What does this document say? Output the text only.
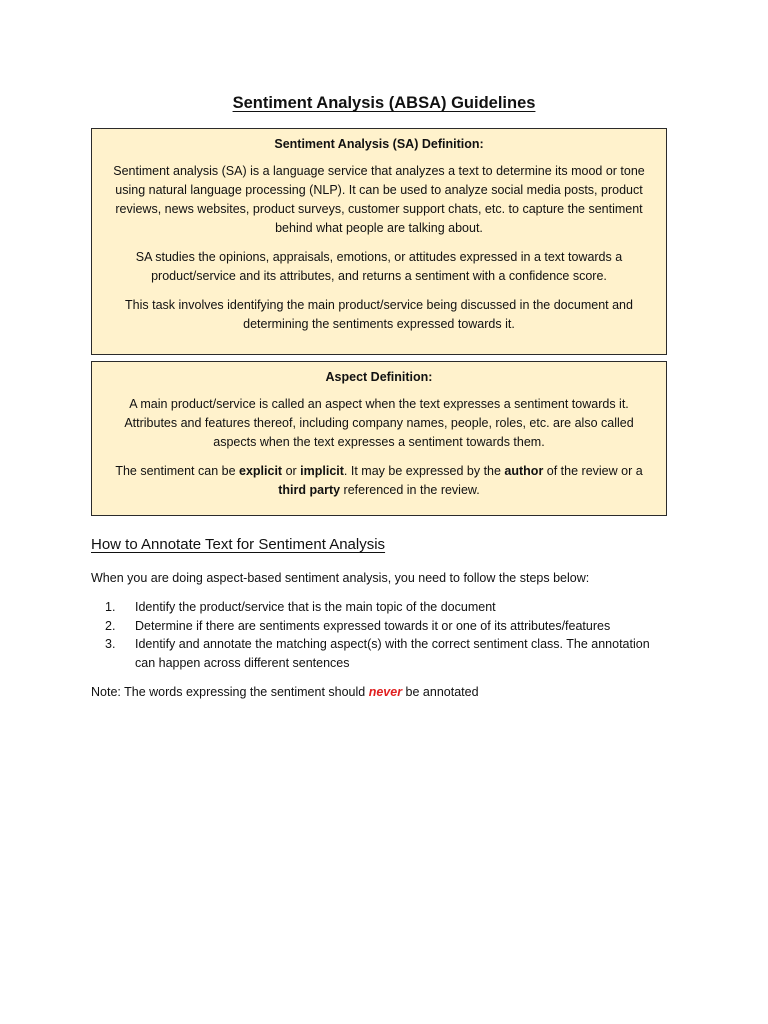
Sentiment Analysis (ABSA) Guidelines
Sentiment Analysis (SA) Definition:

Sentiment analysis (SA) is a language service that analyzes a text to determine its mood or tone using natural language processing (NLP). It can be used to analyze social media posts, product reviews, news websites, product surveys, customer support chats, etc. to capture the sentiment behind what people are talking about.

SA studies the opinions, appraisals, emotions, or attitudes expressed in a text towards a product/service and its attributes, and returns a sentiment with a confidence score.

This task involves identifying the main product/service being discussed in the document and determining the sentiments expressed towards it.

Aspect Definition:

A main product/service is called an aspect when the text expresses a sentiment towards it. Attributes and features thereof, including company names, people, roles, etc. are also called aspects when the text expresses a sentiment towards them.

The sentiment can be explicit or implicit. It may be expressed by the author of the review or a third party referenced in the review.

How to Annotate Text for Sentiment Analysis
When you are doing aspect-based sentiment analysis, you need to follow the steps below:
1.	Identify the product/service that is the main topic of the document
2.	Determine if there are sentiments expressed towards it or one of its attributes/features
3.	Identify and annotate the matching aspect(s) with the correct sentiment class. The annotation can happen across different sentences
Note: The words expressing the sentiment should never be annotated
